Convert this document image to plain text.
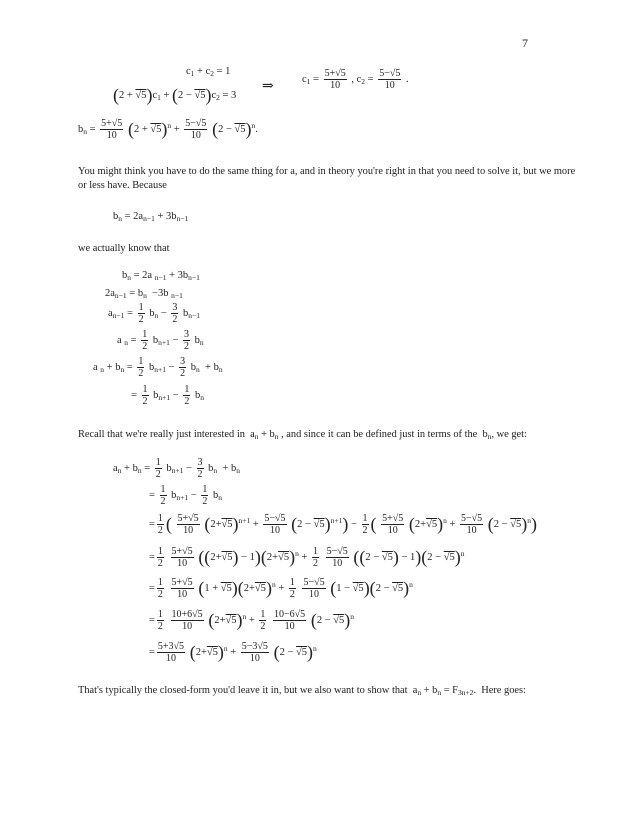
7
$c_1 + c_2 = 1$
$(2 + √5)c_1 + (2 - √5)c_2 = 3$
⇒	$c_1 = \frac{5+√5}{10}$ , $c_2 = \frac{5-√5}{10}$ .
$b_n = \frac{5+√5}{10} (2 + √5)^n + \frac{5-√5}{10} (2 - √5)^n$.
You might think you have to do the same thing for a, and in theory you're right in that you need to solve it, but we more or less have. Because
$b_n = 2a_{n-1} + 3b_{n-1}$
we actually know that
$b_n = 2a$ $_{n-1} + 3b_{n-1}$
$2a_{n-1} = b_n -3b$ $_{n-1}$
$a_{n-1} = \frac{1}{2} b_n - \frac{3}{2} b_{n-1}$
a $_n = \frac{1}{2} b_{n+1} - \frac{3}{2} b_n$
a $_n + b_n = \frac{1}{2} b_{n+1} - \frac{3}{2} b_n + b_n$
= $\frac{1}{2} b_{n+1} - \frac{1}{2} b_n$
Recall that we're really just interested in  $a_n + b_n$ , and since it can be defined just in terms of the  $b_n$, we get:
$a_n + b_n = \frac{1}{2} b_{n+1} - \frac{3}{2} b_n + b_n$
= $\frac{1}{2} b_{n+1} - \frac{1}{2} b_n$
= $\frac{1}{2}$ ( $\frac{5+√5}{10} (2+√5)^{n+1} + \frac{5-√5}{10} (2 - √5)^{n+1}) - \frac{1}{2}$ ( $\frac{5+√5}{10} (2+√5)^n + \frac{5-√5}{10} (2 - √5)^n$)
= $\frac{1}{2}$
$\frac{5+√5}{10} ((2+√5) - 1)(2+√5)^n + \frac{1}{2}$
$\frac{5-√5}{10} ((2 - √5) - 1)(2 - √5)^n$
= $\frac{1}{2}$
$\frac{5+√5}{10} (1 + √5)(2+√5)^n + \frac{1}{2}$
$\frac{5-√5}{10} (1 - √5)(2 - √5)^n$
= $\frac{1}{2}$
$\frac{10+6√5}{10} (2+√5)^n + \frac{1}{2}$
$\frac{10-6√5}{10} (2 - √5)^n$
= $\frac{5+3√5}{10} (2+√5)^n + \frac{5-3√5}{10} (2 - √5)^n$
That's typically the closed-form you'd leave it in, but we also want to show that  $a_n + b_n = F_{3n+2}$.  Here goes:
